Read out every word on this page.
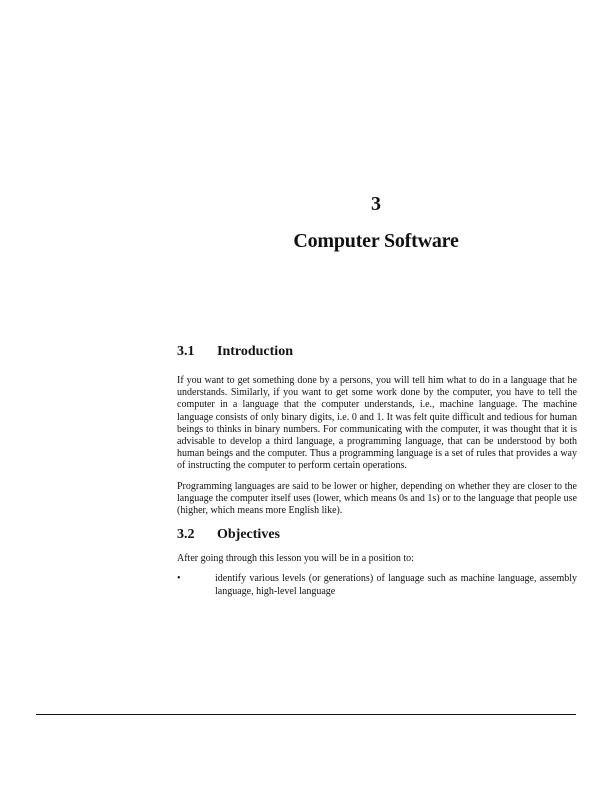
3
Computer Software
3.1	Introduction

If you want to get something done by a persons, you will tell him what to do in a language that he understands. Similarly, if you want to get some work done by the computer, you have to tell the computer in a language that the computer understands, i.e., machine language. The machine language consists of only binary digits, i.e. 0 and 1. It was felt quite difficult and tedious for human beings to thinks in binary numbers. For communicating with the computer, it was thought that it is advisable to develop a third language, a programming language, that can be understood by both human beings and the computer. Thus a programming language is a set of rules that provides a way of instructing the computer to perform certain operations.

Programming languages are said to be lower or higher, depending on whether they are closer to the language the computer itself uses (lower, which means 0s and 1s) or to the language that people use (higher, which means more English like).

3.2	Objectives

After going through this lesson you will be in a position to:

•	identify various levels (or generations) of language such as machine language, assembly language, high-level language
